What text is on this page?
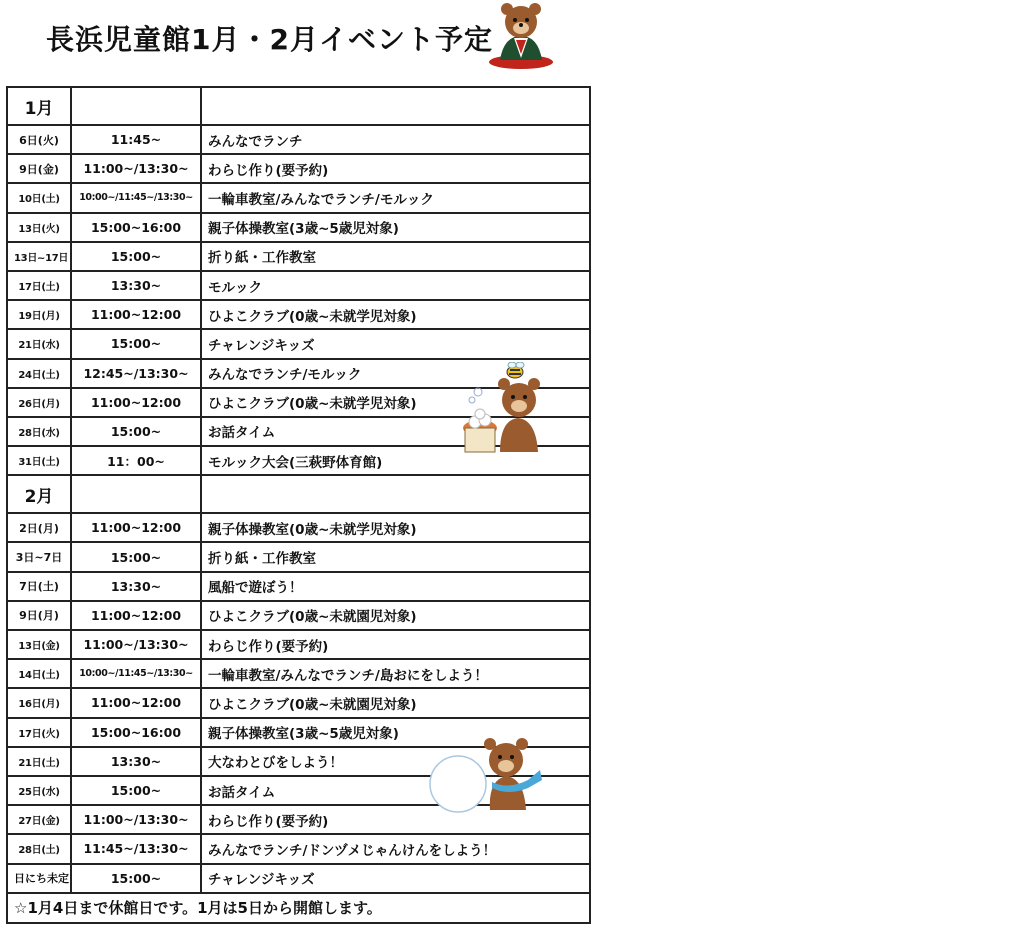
長浜児童館1月・2月イベント予定
1月		
6日(火)	11:45~	みんなでランチ
9日(金)	11:00~/13:30~	わらじ作り(要予約)
10日(土)	10:00~/11:45~/13:30~	一輪車教室/みんなでランチ/モルック
13日(火)	15:00~16:00	親子体操教室(3歳~5歳児対象)
13日~17日	15:00~	折り紙・工作教室
17日(土)	13:30~	モルック
19日(月)	11:00~12:00	ひよこクラブ(0歳~未就学児対象)
21日(水)	15:00~	チャレンジキッズ
24日(土)	12:45~/13:30~	みんなでランチ/モルック
26日(月)	11:00~12:00	ひよこクラブ(0歳~未就学児対象)
28日(水)	15:00~	お話タイム
31日(土)	11：00~	モルック大会(三萩野体育館)
2月		
2日(月)	11:00~12:00	親子体操教室(0歳~未就学児対象)
3日~7日	15:00~	折り紙・工作教室
7日(土)	13:30~	風船で遊ぼう！
9日(月)	11:00~12:00	ひよこクラブ(0歳~未就園児対象)
13日(金)	11:00~/13:30~	わらじ作り(要予約)
14日(土)	10:00~/11:45~/13:30~	一輪車教室/みんなでランチ/島おにをしよう！
16日(月)	11:00~12:00	ひよこクラブ(0歳~未就園児対象)
17日(火)	15:00~16:00	親子体操教室(3歳~5歳児対象)
21日(土)	13:30~	大なわとびをしよう！
25日(水)	15:00~	お話タイム
27日(金)	11:00~/13:30~	わらじ作り(要予約)
28日(土)	11:45~/13:30~	みんなでランチ/ドンヅメじゃんけんをしよう！
日にち未定	15:00~	チャレンジキッズ
☆1月4日まで休館日です。1月は5日から開館します。		
